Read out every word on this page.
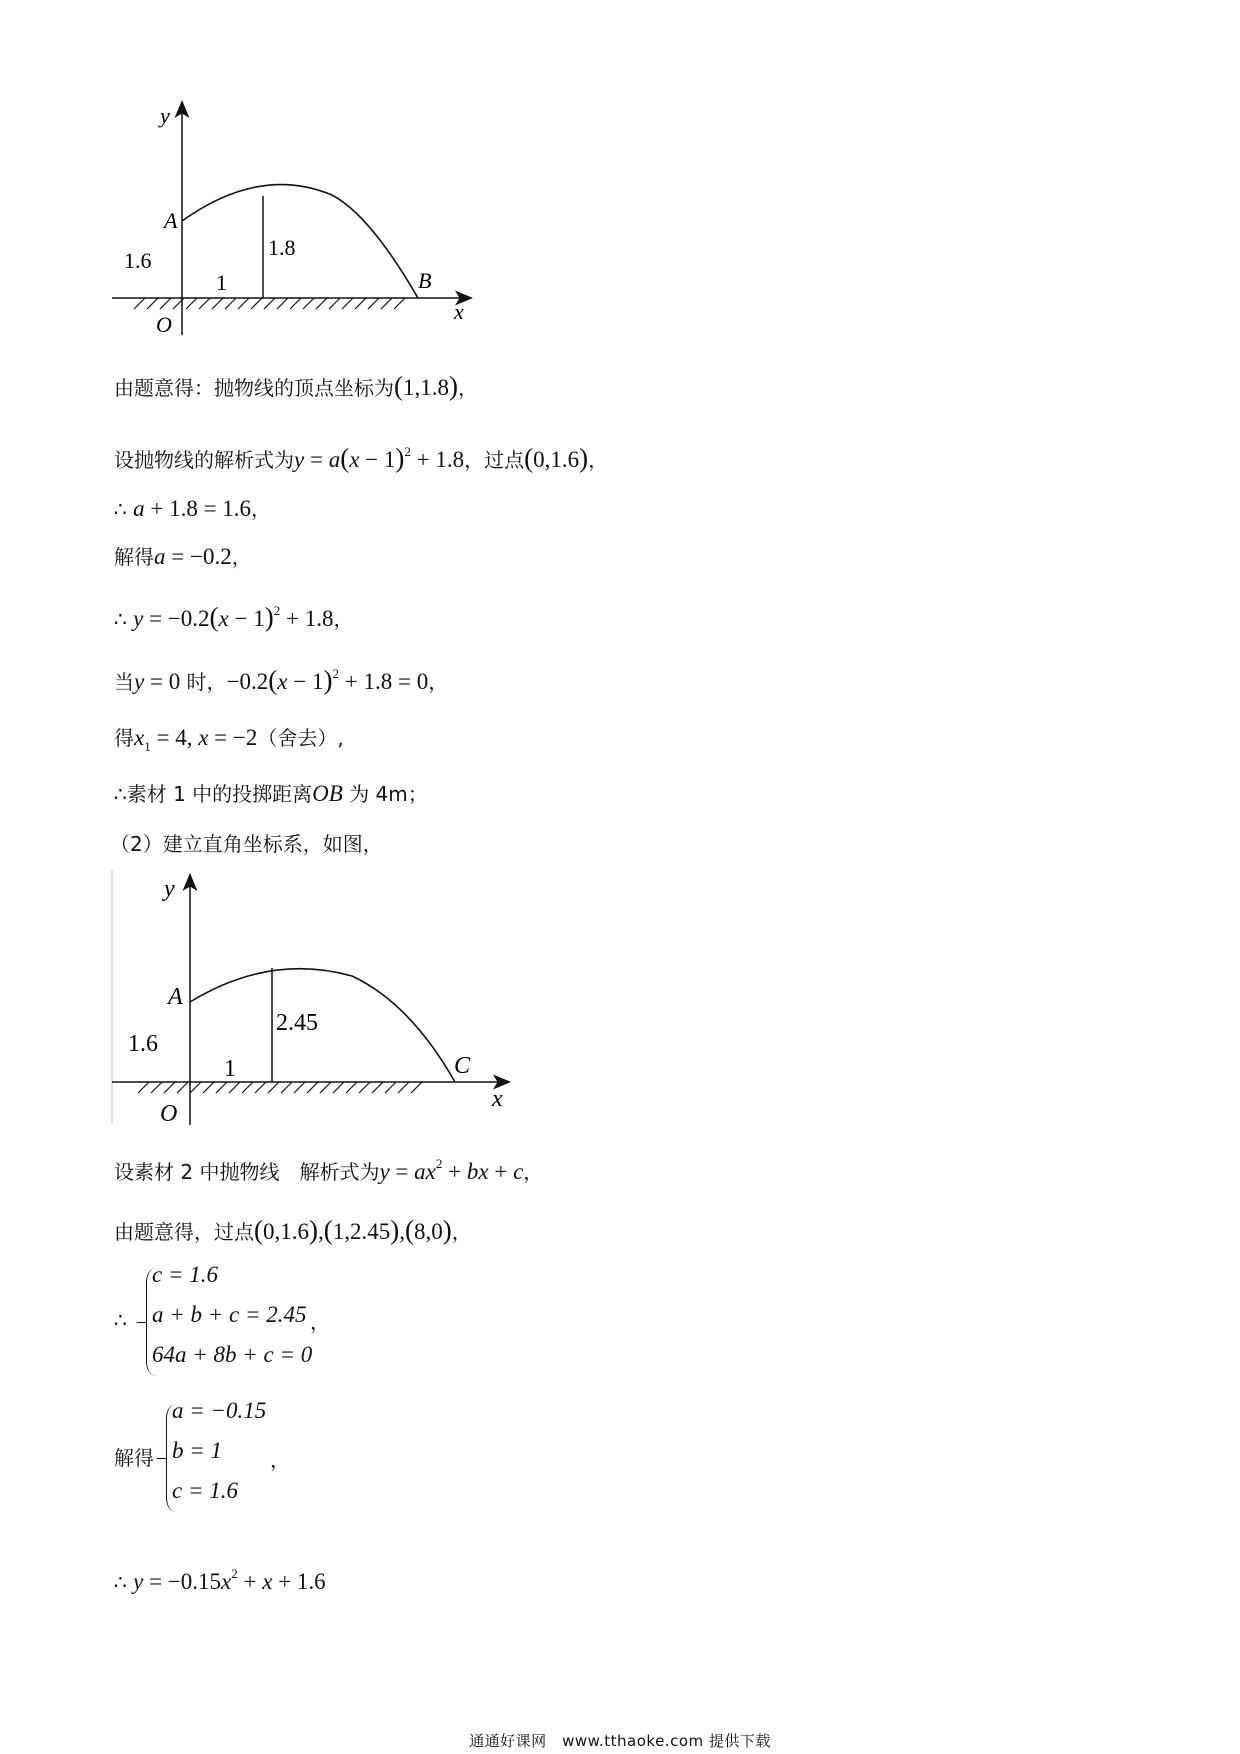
y
A
1.6
1.8
1	B
x
O
由题意得：抛物线的顶点坐标为(1,1.8)，
设抛物线的解析式为$y = a(x - 1)^2 + 1.8$，过点(0,1.6)，
∴ a + 1.8 = 1.6，
解得a = −0.2，
∴ $y = -0.2(x - 1)^2 + 1.8$，
当y = 0 时，$-0.2(x - 1)^2 + 1.8 = 0$，
得$x_1 = 4$, x = −2（舍去）,
∴素材 1 中的投掷距离OB 为 4m；
（2）建立直角坐标系，如图，
y
A
1.6
2.45
1	C
x
O
设素材 2 中抛物线　解析式为$y = ax^2$ + bx + c，
由题意得，过点(0,1.6),(1,2.45),(8,0)，
∴
c = 1.6
a + b + c = 2.45
64a + 8b + c = 0
，
解得
a = −0.15
b = 1
c = 1.6
，
∴ $y = -0.15x^2 + x + 1.6$
通通好课网　www.tthaoke.com 提供下载
